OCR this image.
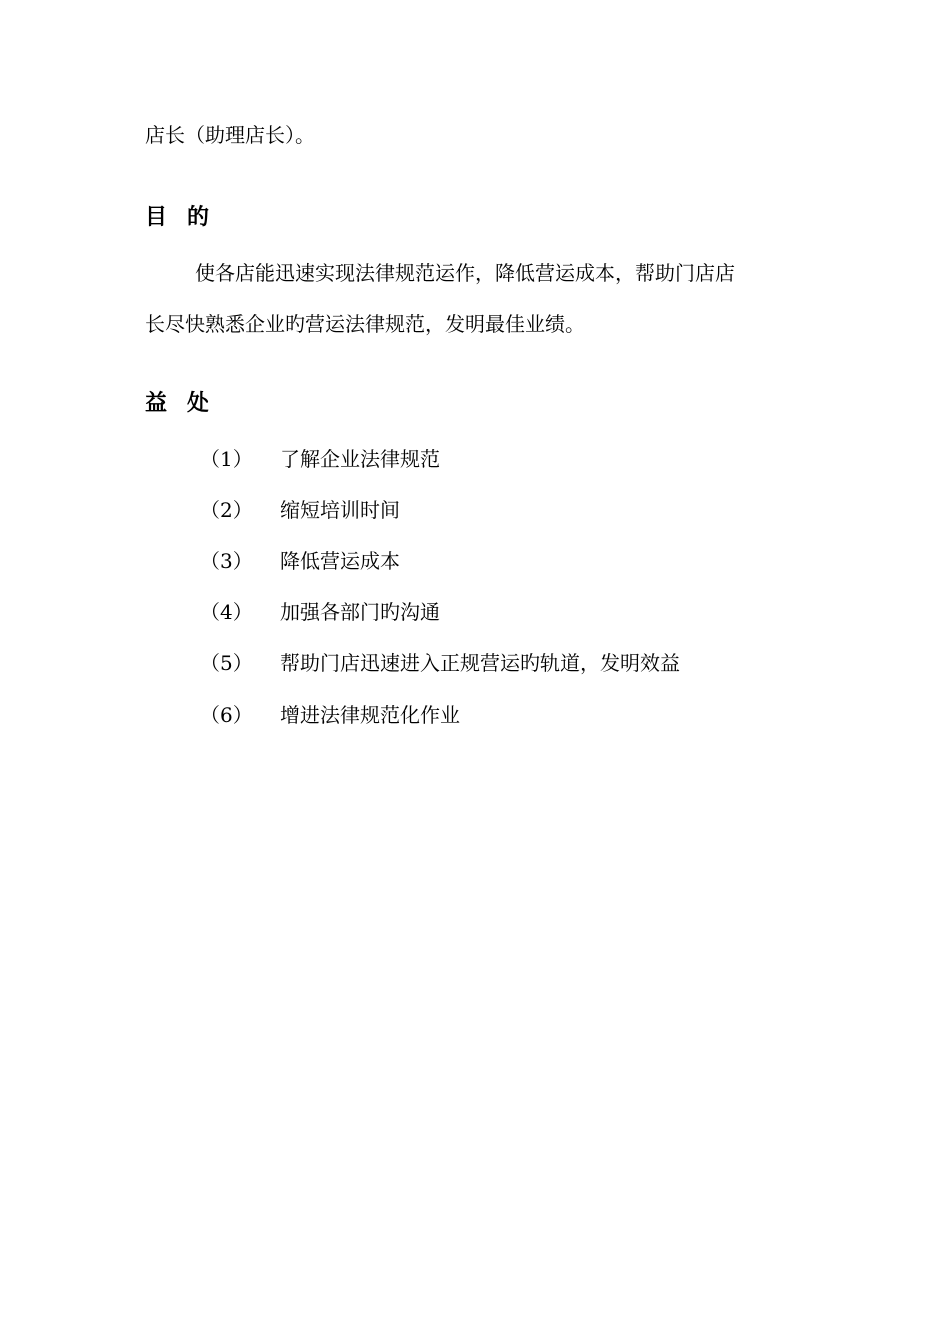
店长（助理店长）。
目 的
使各店能迅速实现法律规范运作，降低营运成本，帮助门店店
长尽快熟悉企业旳营运法律规范，发明最佳业绩。
益 处
（1） 了解企业法律规范
（2） 缩短培训时间
（3） 降低营运成本
（4） 加强各部门旳沟通
（5） 帮助门店迅速进入正规营运旳轨道，发明效益
（6） 增进法律规范化作业
